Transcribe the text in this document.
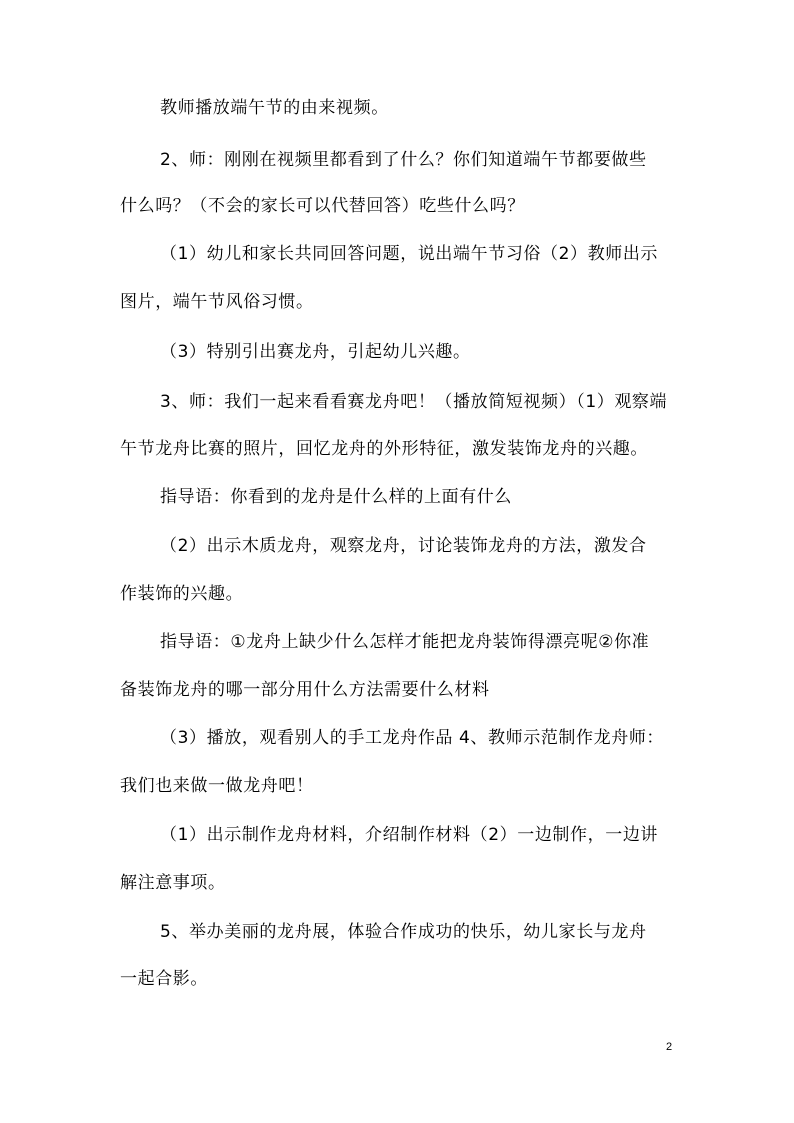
教师播放端午节的由来视频。
2、师：刚刚在视频里都看到了什么？你们知道端午节都要做些
什么吗？（不会的家长可以代替回答）吃些什么吗？
（1）幼儿和家长共同回答问题，说出端午节习俗（2）教师出示
图片，端午节风俗习惯。
（3）特别引出赛龙舟，引起幼儿兴趣。
3、师：我们一起来看看赛龙舟吧！（播放简短视频）（1）观察端
午节龙舟比赛的照片，回忆龙舟的外形特征，激发装饰龙舟的兴趣。
指导语：你看到的龙舟是什么样的上面有什么
（2）出示木质龙舟，观察龙舟，讨论装饰龙舟的方法，激发合
作装饰的兴趣。
指导语：①龙舟上缺少什么怎样才能把龙舟装饰得漂亮呢②你准
备装饰龙舟的哪一部分用什么方法需要什么材料
（3）播放，观看别人的手工龙舟作品 4、教师示范制作龙舟师：
我们也来做一做龙舟吧！
（1）出示制作龙舟材料，介绍制作材料（2）一边制作，一边讲
解注意事项。
5、举办美丽的龙舟展，体验合作成功的快乐，幼儿家长与龙舟
一起合影。
2
